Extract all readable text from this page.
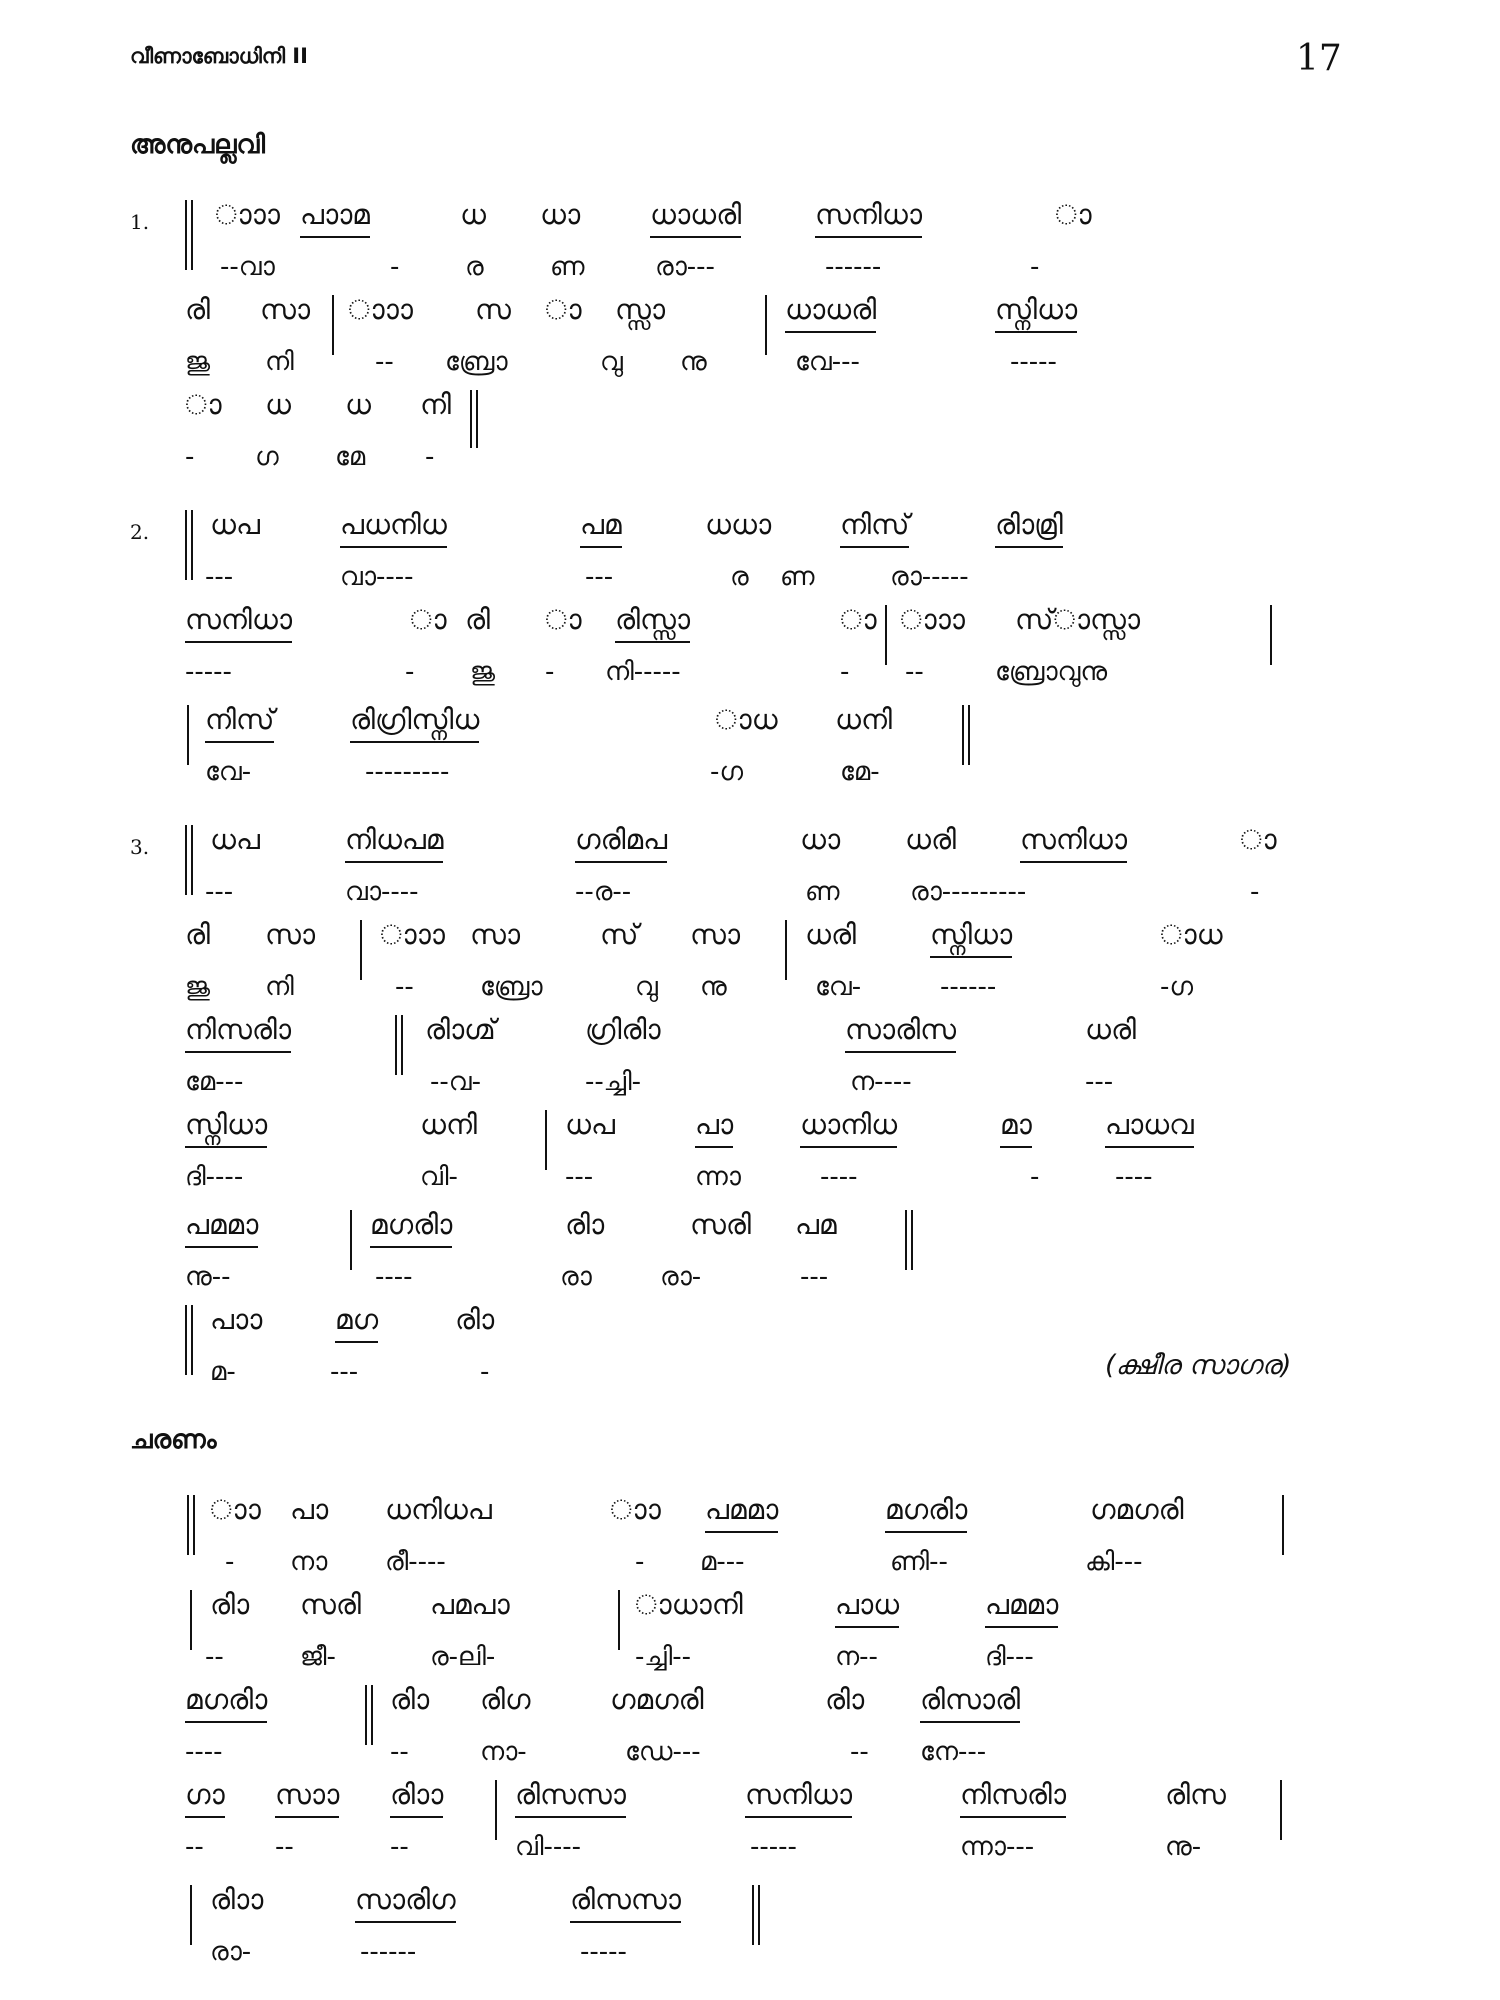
വീണാബോധിനി II	17
അനുപല്ലവി
ചരണം
1.
2.
3.
ാാാ പാാമ	ധ ധാ ധാധരി	സനിധാ	ാ
--വാ	-	ര	ണ	രാ---	------	-
രി സാ ാാാ സ ാ സ്സാ	ധാധരി	സ്നിധാ
ജു നി	-- ബ്രോ	വു നു	വേ---	-----
ാ ധ ധ നി
- ഗ മേ -
ധപ	പധനിധ	പമ	ധധാ നിസ്	രിാമ്രി
---	വാ----	---	ര ണ	രാ-----
സനിധാ	ാ രി ാ രിസ്സാ	ാ ാാാ സ്ാസ്സാ
-----	- ജു - നി-----	- --	ബ്രോവുനു
നിസ്	രിഗ്രിസ്നിധ	ാധ ധനി
വേ-	---------	-ഗ	മേ-
ധപ	നിധപമ	ഗരിമപ	ധാ ധരി സനിധാ	ാ
---	വാ----	--ര--	ണ	രാ---------	-
രി സാ ാാാ സാ	സ് സാ ധരി	സ്നിധാ	ാധ
ജു നി	--	ബ്രോ	വു നു	വേ-	------	-ഗ
നിസരിാ	രിാഗ്മ്	ഗ്രിരിാ	സാരിസ	ധരി
മേ---	--വ-	--ച്ചി-	ന----	---
സ്നിധാ	ധനി	ധപ	പാ ധാനിധ	മാ	പാധവ
ദി----	വി-	---	ന്നാ	----	-	----
പമമാ	മഗരിാ	രിാ	സരി പമ
നു--	----	രാ	രാ-	---
പാാ	മഗ	രിാ
മ-	---	-	(ക്ഷീര സാഗര)
ാാ പാ ധനിധപ	ാാ പമമാ	മഗരിാ	ഗമഗരി
- നാ രീ----	- മ---	ണി--	കി---
രിാ സരി പമപാ	ാധാനി	പാധ	പമമാ
--	ജീ-	ര-ലി-	-ച്ചി--	ന--	ദി---
മഗരിാ	രിാ രിഗ	ഗമഗരി	രിാ രിസാരി
----	--	നാ-	ഡേ---	-- നേ---
ഗാ സാാ രിാാ	രിസസാ	സനിധാ	നിസരിാ	രിസ
--	--	--	വി----	-----	ന്നാ---	നു-
രിാാ	സാരിഗ	രിസസാ
രാ-	------	-----
